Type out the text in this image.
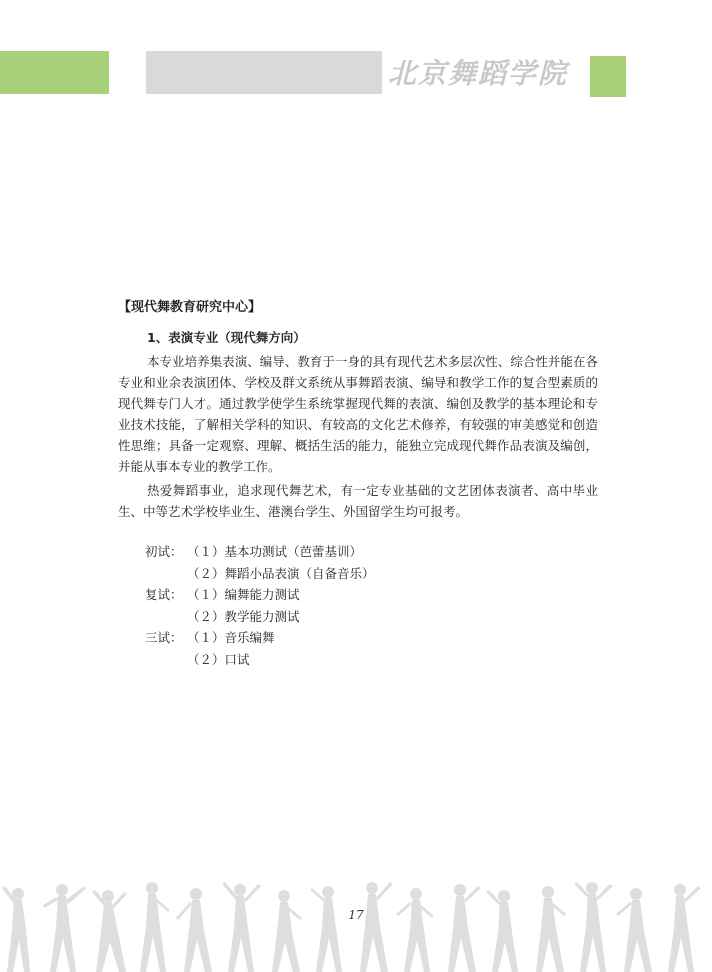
北京舞蹈学院
【现代舞教育研究中心】
1、表演专业（现代舞方向）
本专业培养集表演、编导、教育于一身的具有现代艺术多层次性、综合性并能在各专业和业余表演团体、学校及群文系统从事舞蹈表演、编导和教学工作的复合型素质的现代舞专门人才。通过教学使学生系统掌握现代舞的表演、编创及教学的基本理论和专业技术技能，了解相关学科的知识、有较高的文化艺术修养，有较强的审美感觉和创造性思维；具备一定观察、理解、概括生活的能力，能独立完成现代舞作品表演及编创，并能从事本专业的教学工作。
热爱舞蹈事业，追求现代舞艺术，有一定专业基础的文艺团体表演者、高中毕业生、中等艺术学校毕业生、港澳台学生、外国留学生均可报考。
初试： （１）基本功测试（芭蕾基训）
（２）舞蹈小品表演（自备音乐）
复试： （１）编舞能力测试
（２）教学能力测试
三试： （１）音乐编舞
（２）口试
17
